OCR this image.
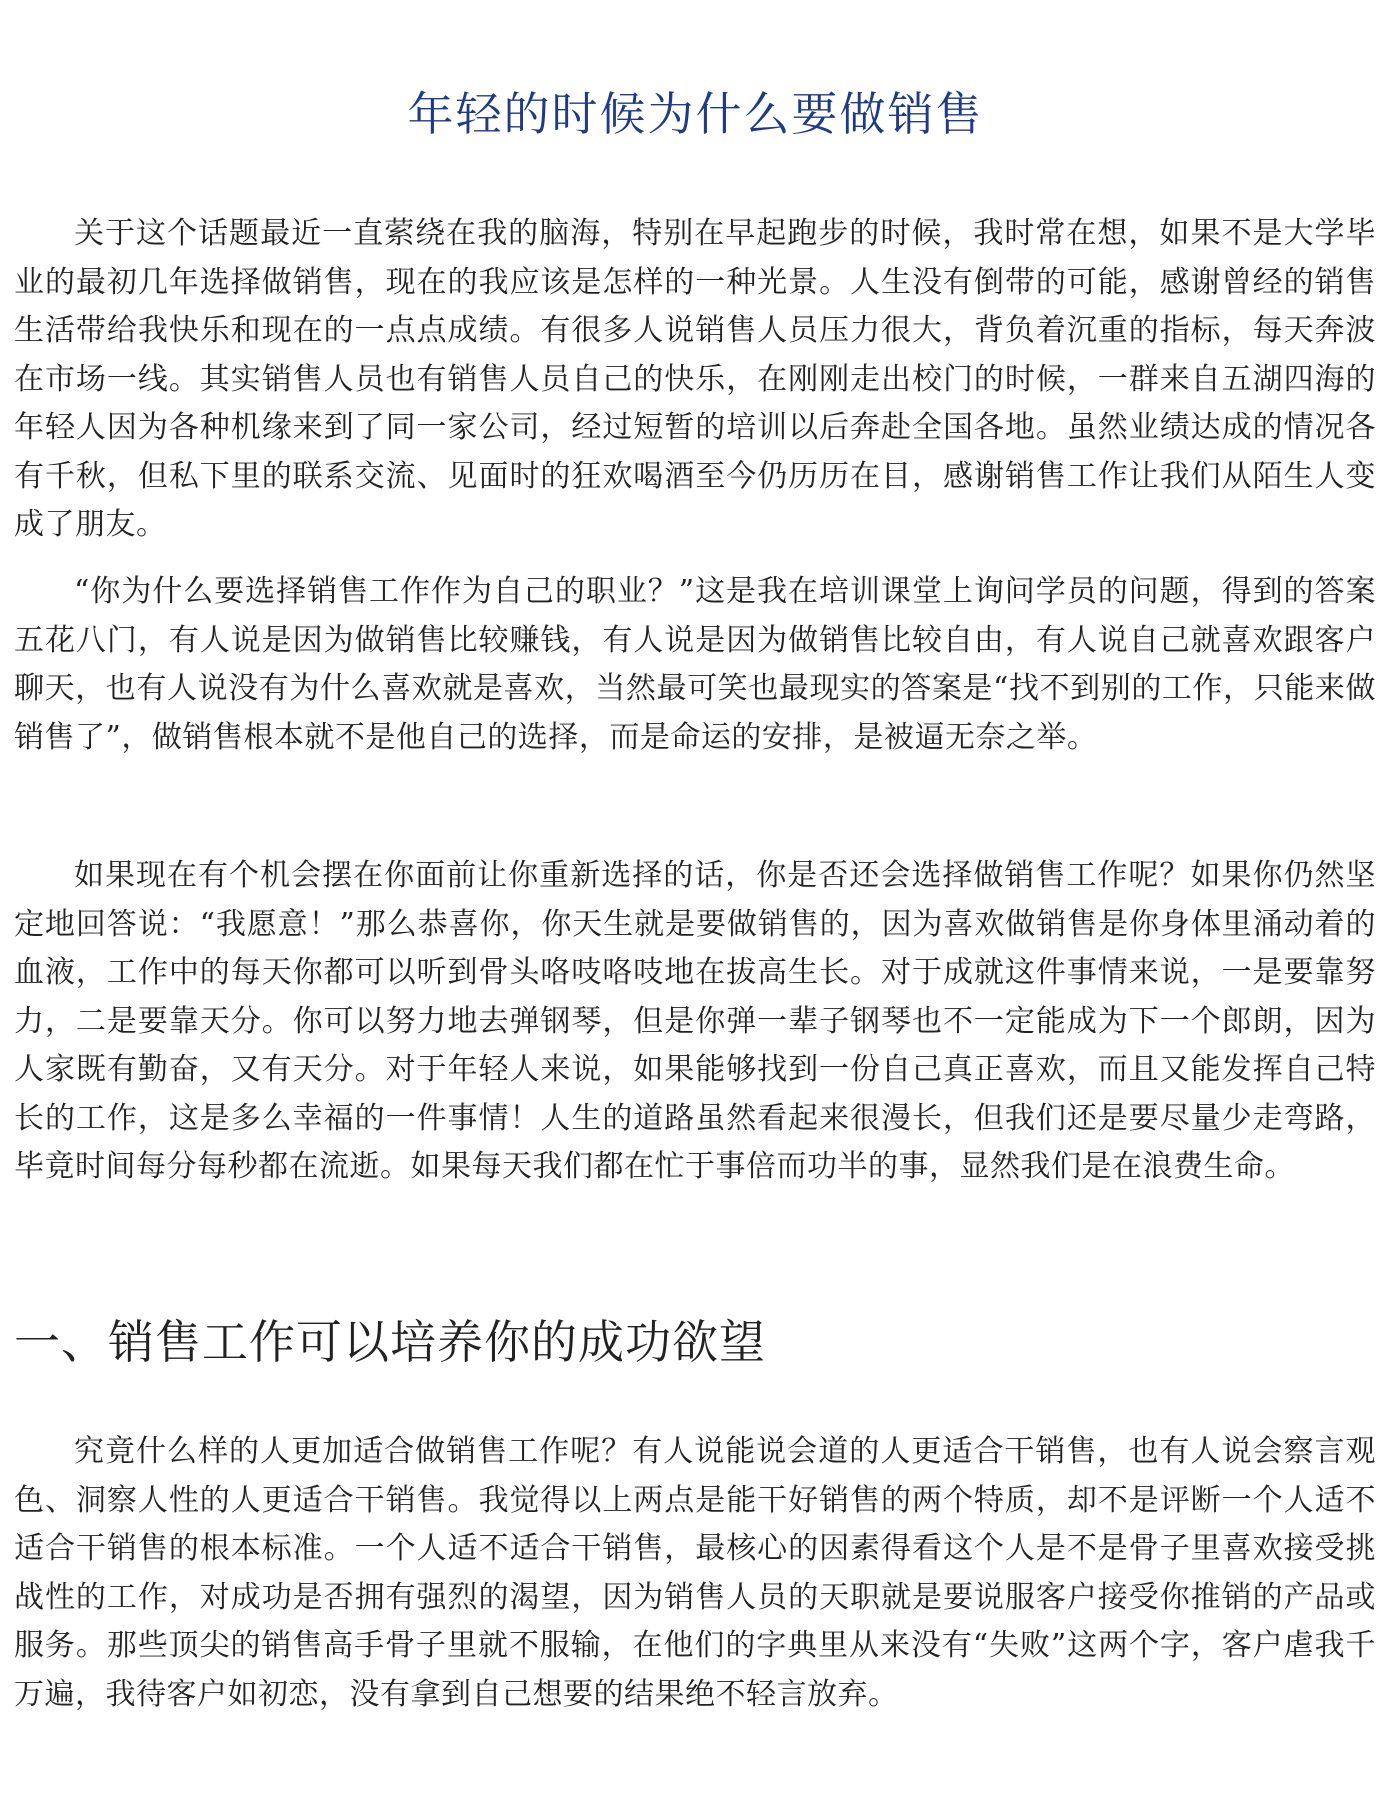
年轻的时候为什么要做销售

关于这个话题最近一直萦绕在我的脑海，特别在早起跑步的时候，我时常在想，如果不是大学毕业的最初几年选择做销售，现在的我应该是怎样的一种光景。人生没有倒带的可能，感谢曾经的销售生活带给我快乐和现在的一点点成绩。有很多人说销售人员压力很大，背负着沉重的指标，每天奔波在市场一线。其实销售人员也有销售人员自己的快乐，在刚刚走出校门的时候，一群来自五湖四海的年轻人因为各种机缘来到了同一家公司，经过短暂的培训以后奔赴全国各地。虽然业绩达成的情况各有千秋，但私下里的联系交流、见面时的狂欢喝酒至今仍历历在目，感谢销售工作让我们从陌生人变成了朋友。

“你为什么要选择销售工作作为自己的职业？”这是我在培训课堂上询问学员的问题，得到的答案五花八门，有人说是因为做销售比较赚钱，有人说是因为做销售比较自由，有人说自己就喜欢跟客户聊天，也有人说没有为什么喜欢就是喜欢，当然最可笑也最现实的答案是“找不到别的工作，只能来做销售了”，做销售根本就不是他自己的选择，而是命运的安排，是被逼无奈之举。

如果现在有个机会摆在你面前让你重新选择的话，你是否还会选择做销售工作呢？如果你仍然坚定地回答说：“我愿意！”那么恭喜你，你天生就是要做销售的，因为喜欢做销售是你身体里涌动着的血液，工作中的每天你都可以听到骨头咯吱咯吱地在拔高生长。对于成就这件事情来说，一是要靠努力，二是要靠天分。你可以努力地去弹钢琴，但是你弹一辈子钢琴也不一定能成为下一个郎朗，因为人家既有勤奋，又有天分。对于年轻人来说，如果能够找到一份自己真正喜欢，而且又能发挥自己特长的工作，这是多么幸福的一件事情！人生的道路虽然看起来很漫长，但我们还是要尽量少走弯路，毕竟时间每分每秒都在流逝。如果每天我们都在忙于事倍而功半的事，显然我们是在浪费生命。

一、销售工作可以培养你的成功欲望

究竟什么样的人更加适合做销售工作呢？有人说能说会道的人更适合干销售，也有人说会察言观色、洞察人性的人更适合干销售。我觉得以上两点是能干好销售的两个特质，却不是评断一个人适不适合干销售的根本标准。一个人适不适合干销售，最核心的因素得看这个人是不是骨子里喜欢接受挑战性的工作，对成功是否拥有强烈的渴望，因为销售人员的天职就是要说服客户接受你推销的产品或服务。那些顶尖的销售高手骨子里就不服输，在他们的字典里从来没有“失败”这两个字，客户虐我千万遍，我待客户如初恋，没有拿到自己想要的结果绝不轻言放弃。
